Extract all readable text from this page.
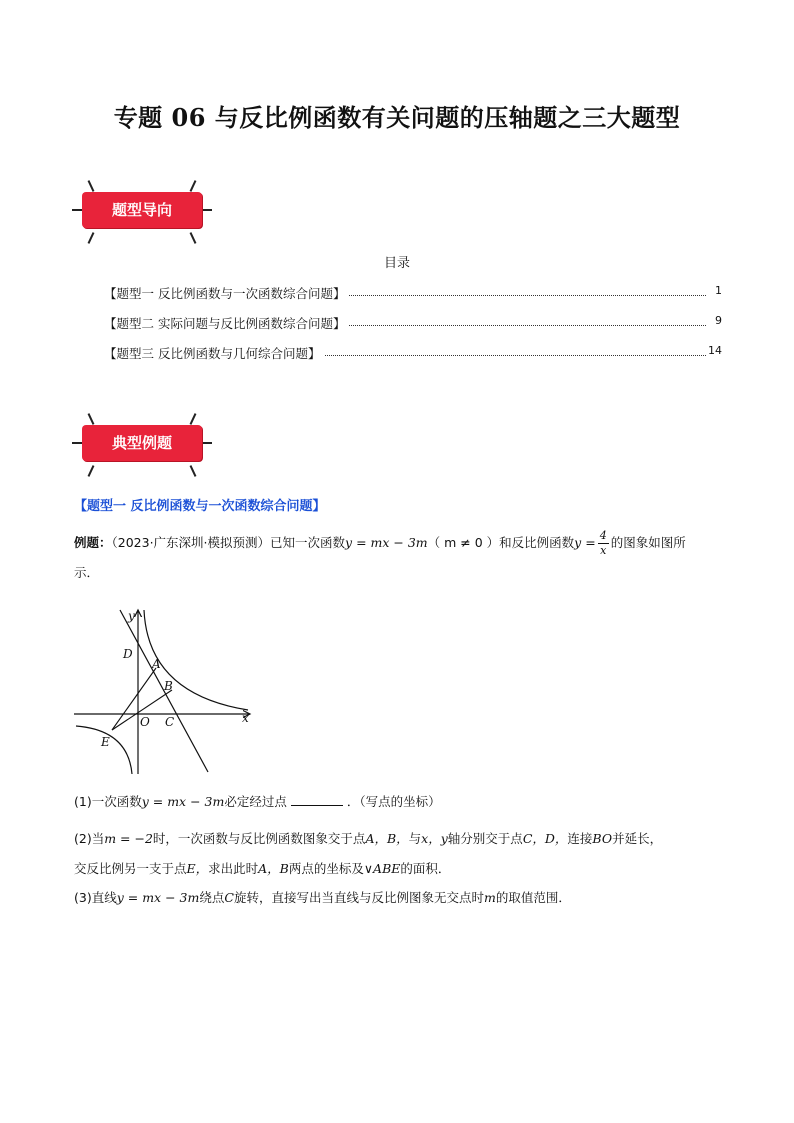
专题 06 与反比例函数有关问题的压轴题之三大题型
题型导向
目录
【题型一 反比例函数与一次函数综合问题】	1
【题型二 实际问题与反比例函数综合问题】	9
【题型三 反比例函数与几何综合问题】	14
典型例题
【题型一 反比例函数与一次函数综合问题】
例题：（2023·广东深圳·模拟预测）已知一次函数y = mx − 3m（ m ≠ 0 ）和反比例函数$y = \frac{4}{x}$ 的图象如图所
示．
y
x
D
A
B
O C
E
(1)一次函数y = mx − 3m必定经过点	．（写点的坐标）
(2)当m = −2时，一次函数与反比例函数图象交于点A，B，与x，y轴分别交于点C，D，连接BO并延长，
交反比例另一支于点E，求出此时A，B两点的坐标及∨ABE的面积．
(3)直线y = mx − 3m绕点C旋转，直接写出当直线与反比例图象无交点时m的取值范围．
